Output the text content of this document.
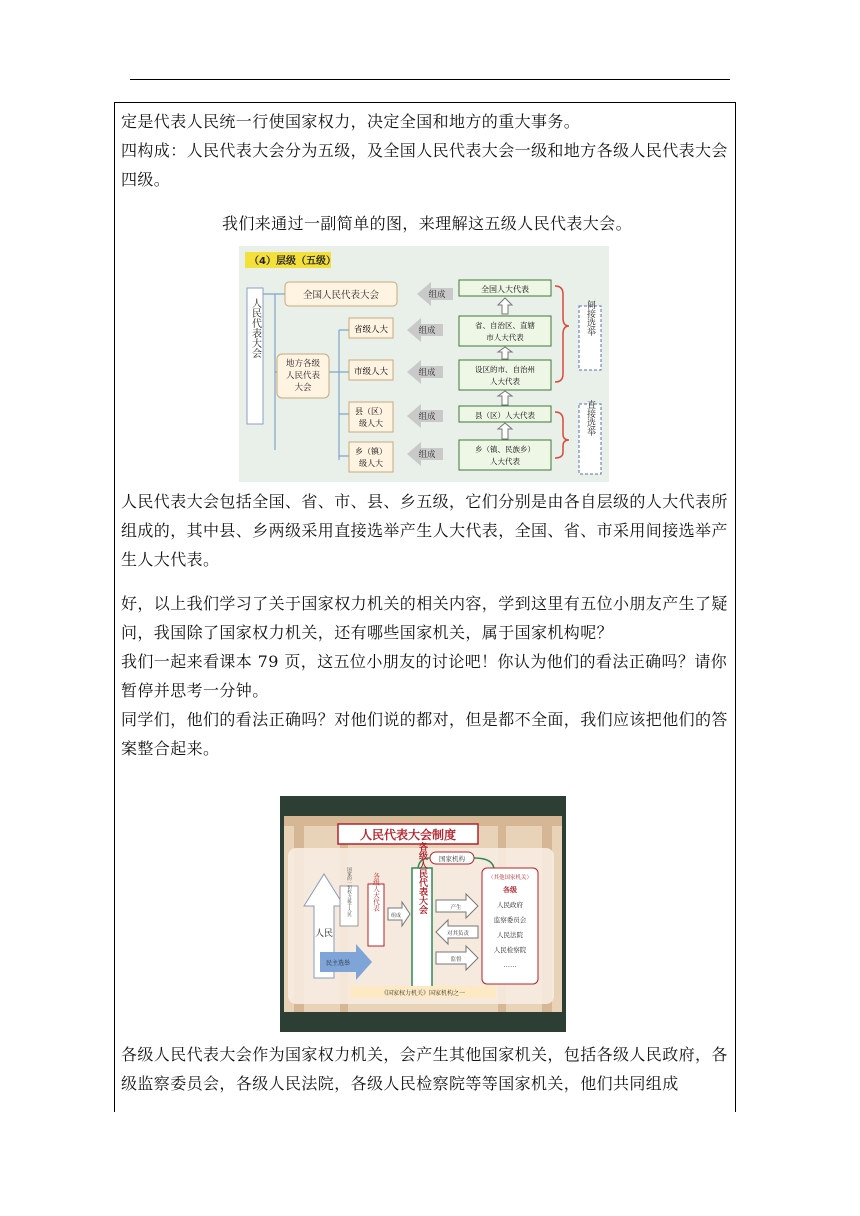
定是代表人民统一行使国家权力，决定全国和地方的重大事务。

四构成：人民代表大会分为五级，及全国人民代表大会一级和地方各级人民代表大会四级。

我们来通过一副简单的图，来理解这五级人民代表大会。

（4）层级（五级）
人民代表大会
全国人民代表大会
地方各级
人民代表
大会
省级人大
市级人大
县（区）
级人大
乡（镇）
级人大
组成
组成
组成
组成
组成
全国人大代表
省、自治区、直辖
市人大代表
设区的市、自治州
人大代表
县（区）人大代表
乡（镇、民族乡）
人大代表
间接选举
直接选举

人民代表大会包括全国、省、市、县、乡五级，它们分别是由各自层级的人大代表所组成的，其中县、乡两级采用直接选举产生人大代表，全国、省、市采用间接选举产生人大代表。

好，以上我们学习了关于国家权力机关的相关内容，学到这里有五位小朋友产生了疑问，我国除了国家权力机关，还有哪些国家机关，属于国家机构呢？

我们一起来看课本 79 页，这五位小朋友的讨论吧！你认为他们的看法正确吗？请你暂停并思考一分钟。

同学们，他们的看法正确吗？对他们说的都对，但是都不全面，我们应该把他们的答案整合起来。

人民代表大会制度
国家机构
人民
国家的一切权力属于人民
民主选举
各级人大代表
组成
各级人民代表大会	产生
对其负责
监督
（其他国家机关）
各级
人民政府
监察委员会
人民法院
人民检察院
……
《国家权力机关》国家机构之一

各级人民代表大会作为国家权力机关，会产生其他国家机关，包括各级人民政府，各级监察委员会，各级人民法院，各级人民检察院等等国家机关，他们共同组成
